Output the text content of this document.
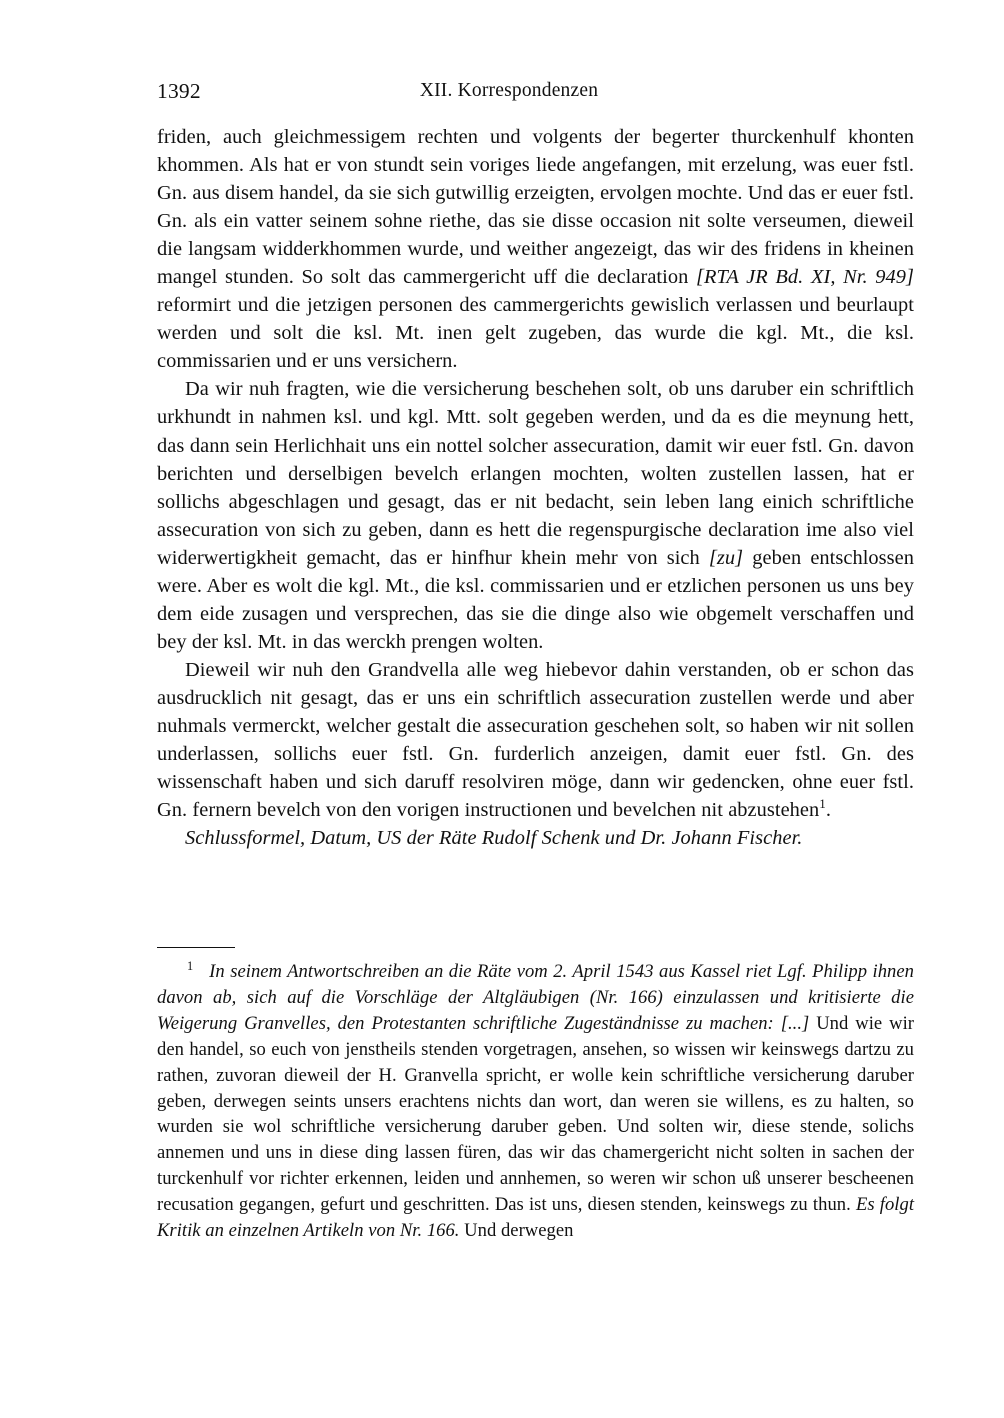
1392	XII. Korrespondenzen

friden, auch gleichmessigem rechten und volgents der begerter thurckenhulf khonten khommen. Als hat er von stundt sein voriges liede angefangen, mit erzelung, was euer fstl. Gn. aus disem handel, da sie sich gutwillig erzeigten, ervolgen mochte. Und das er euer fstl. Gn. als ein vatter seinem sohne riethe, das sie disse occasion nit solte verseumen, dieweil die langsam widderkhommen wurde, und weither angezeigt, das wir des fridens in kheinen mangel stunden. So solt das cammergericht uff die declaration [RTA JR Bd. XI, Nr. 949] reformirt und die jetzigen personen des cammergerichts gewislich verlassen und beurlaupt werden und solt die ksl. Mt. inen gelt zugeben, das wurde die kgl. Mt., die ksl. commissarien und er uns versichern.

Da wir nuh fragten, wie die versicherung beschehen solt, ob uns daruber ein schriftlich urkhundt in nahmen ksl. und kgl. Mtt. solt gegeben werden, und da es die meynung hett, das dann sein Herlichhait uns ein nottel solcher assecuration, damit wir euer fstl. Gn. davon berichten und derselbigen bevelch erlangen mochten, wolten zustellen lassen, hat er sollichs abgeschlagen und gesagt, das er nit bedacht, sein leben lang einich schriftliche assecuration von sich zu geben, dann es hett die regenspurgische declaration ime also viel widerwertigkheit gemacht, das er hinfhur khein mehr von sich [zu] geben entschlossen were. Aber es wolt die kgl. Mt., die ksl. commissarien und er etzlichen personen us uns bey dem eide zusagen und versprechen, das sie die dinge also wie obgemelt verschaffen und bey der ksl. Mt. in das werckh prengen wolten.

Dieweil wir nuh den Grandvella alle weg hiebevor dahin verstanden, ob er schon das ausdrucklich nit gesagt, das er uns ein schriftlich assecuration zustellen werde und aber nuhmals vermerckt, welcher gestalt die assecuration geschehen solt, so haben wir nit sollen underlassen, sollichs euer fstl. Gn. furderlich anzeigen, damit euer fstl. Gn. des wissenschaft haben und sich daruff resolviren möge, dann wir gedencken, ohne euer fstl. Gn. fernern bevelch von den vorigen instructionen und bevelchen nit abzustehen$^1$.

Schlussformel, Datum, US der Räte Rudolf Schenk und Dr. Johann Fischer.

$^1$ In seinem Antwortschreiben an die Räte vom 2. April 1543 aus Kassel riet Lgf. Philipp ihnen davon ab, sich auf die Vorschläge der Altgläubigen (Nr. 166) einzulassen und kritisierte die Weigerung Granvelles, den Protestanten schriftliche Zugeständnisse zu machen: [...] Und wie wir den handel, so euch von jenstheils stenden vorgetragen, ansehen, so wissen wir keinswegs dartzu zu rathen, zuvoran dieweil der H. Granvella spricht, er wolle kein schriftliche versicherung daruber geben, derwegen seints unsers erachtens nichts dan wort, dan weren sie willens, es zu halten, so wurden sie wol schriftliche versicherung daruber geben. Und solten wir, diese stende, solichs annemen und uns in diese ding lassen füren, das wir das chamergericht nicht solten in sachen der turckenhulf vor richter erkennen, leiden und annhemen, so weren wir schon uß unserer bescheenen recusation gegangen, gefurt und geschritten. Das ist uns, diesen stenden, keinswegs zu thun. Es folgt Kritik an einzelnen Artikeln von Nr. 166. Und derwegen
